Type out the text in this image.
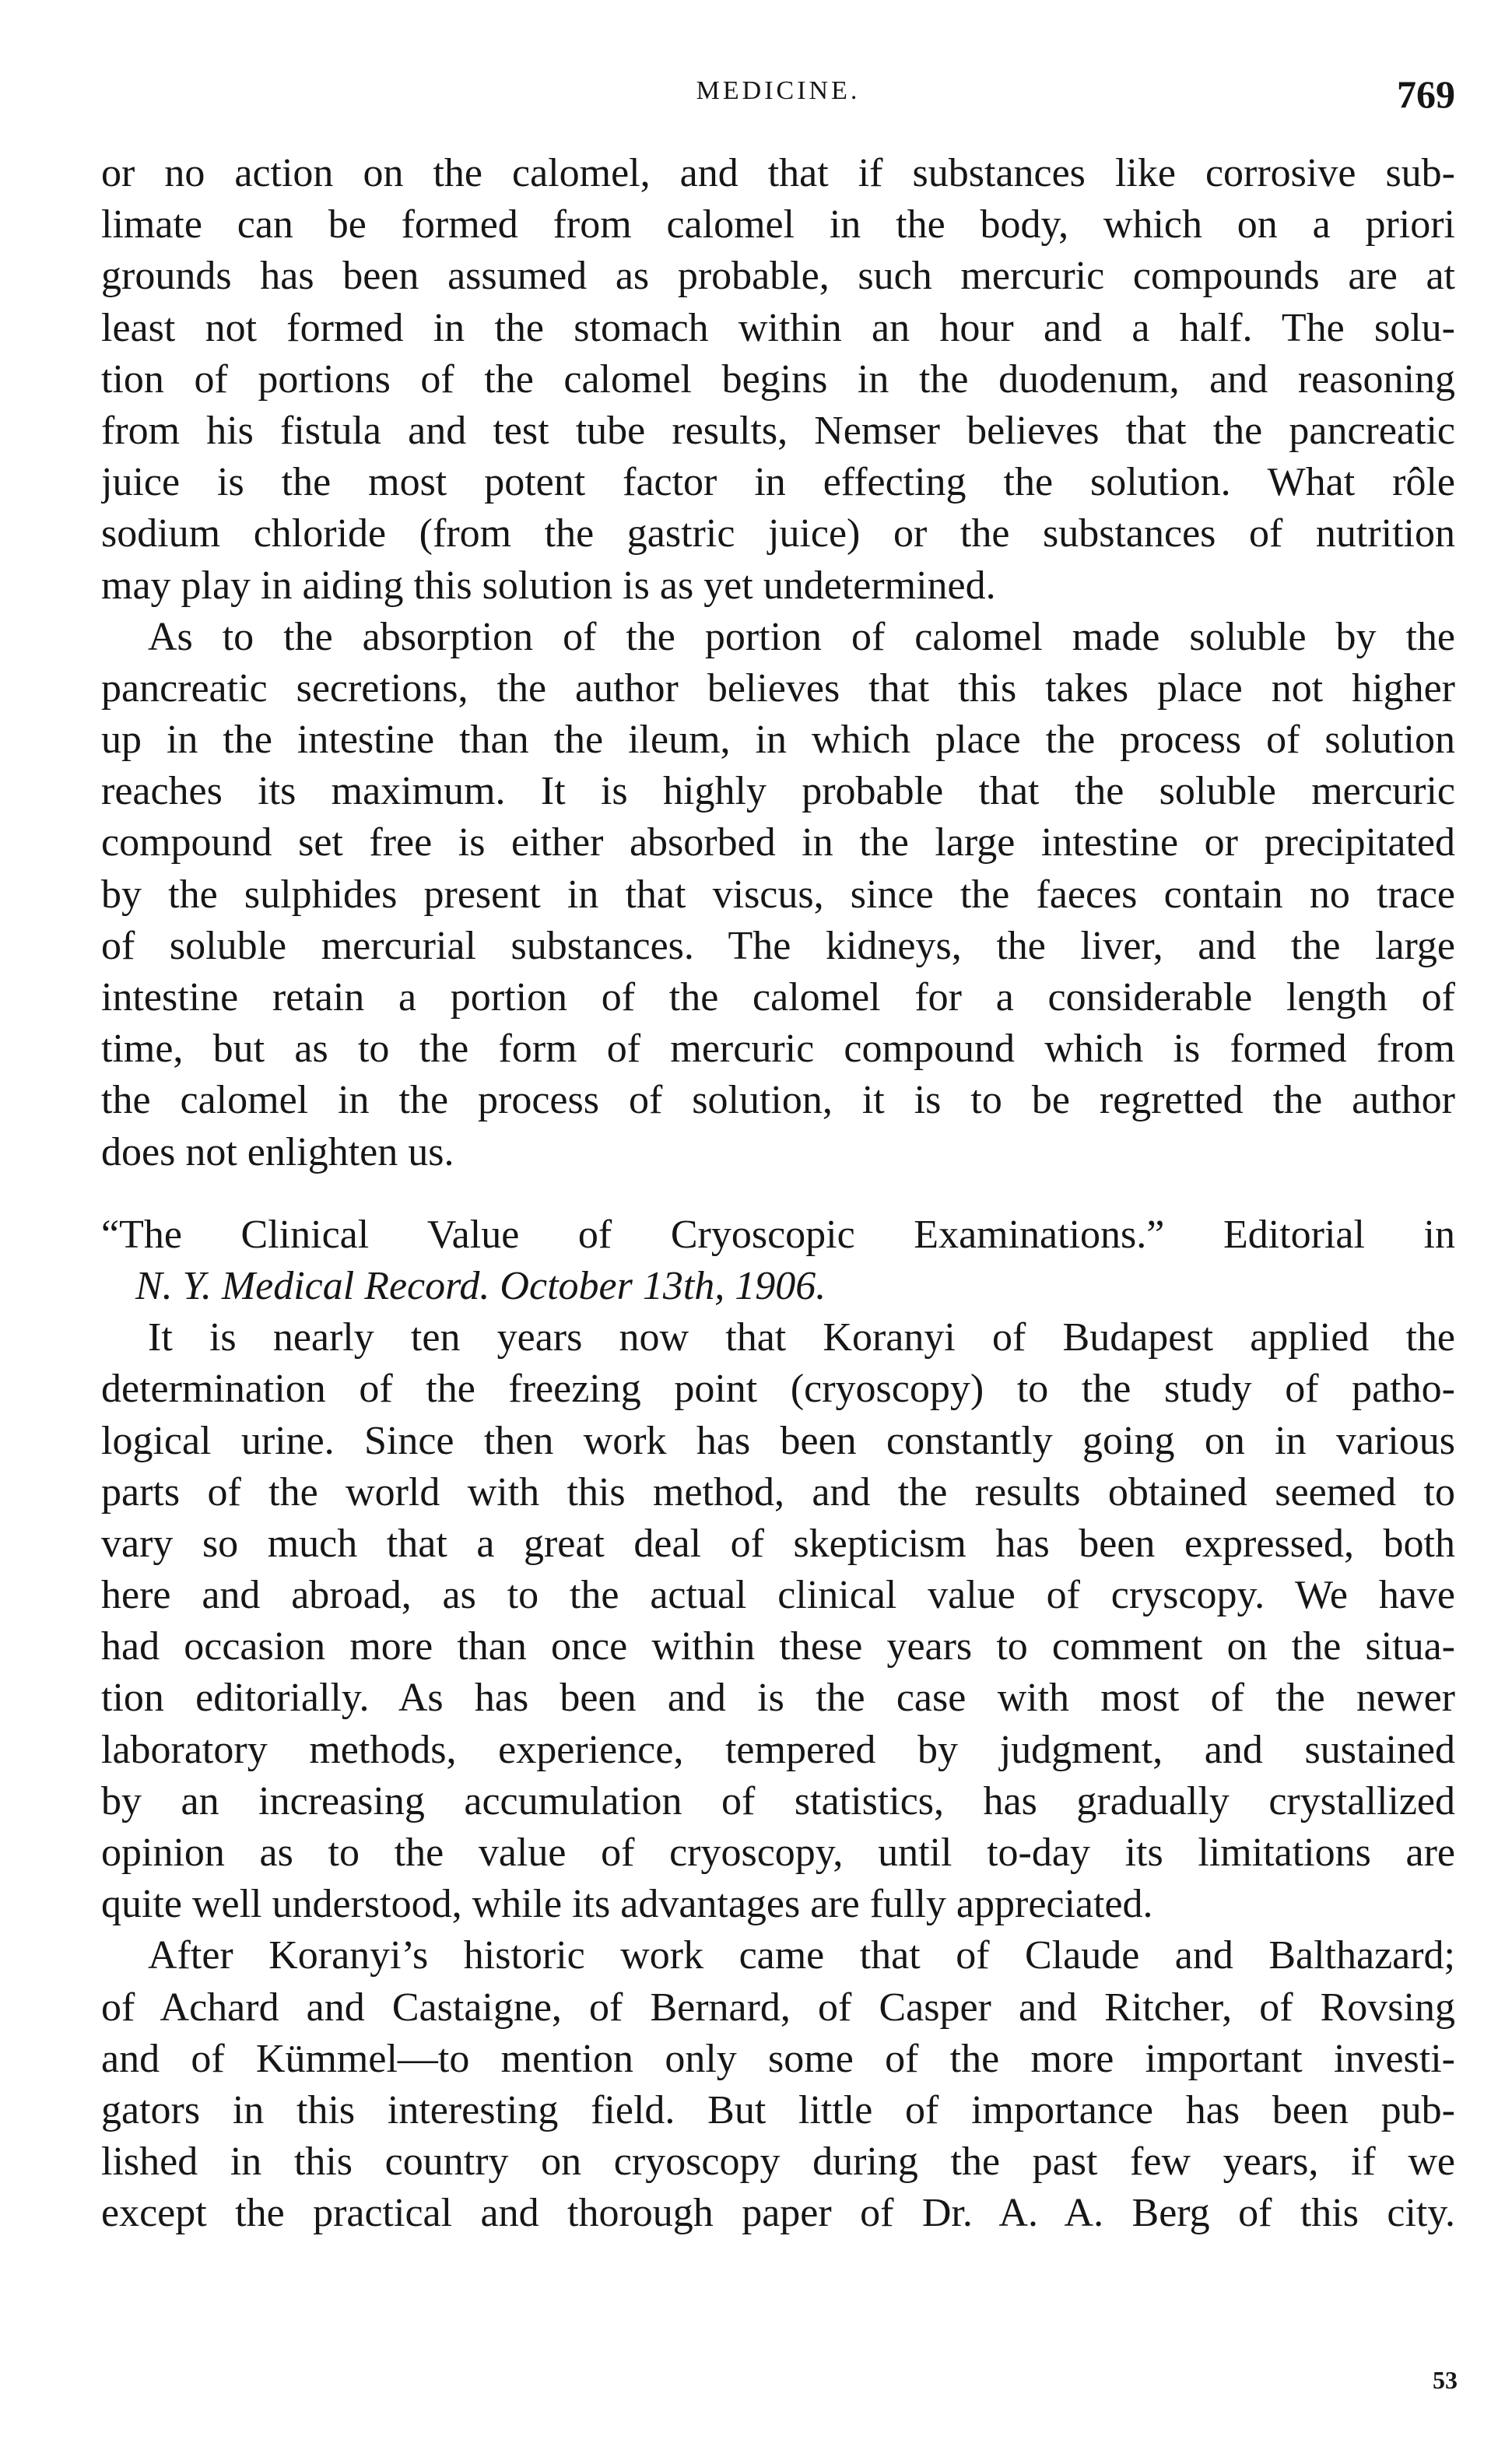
MEDICINE.	769
or no action on the calomel, and that if substances like corrosive sub-
limate can be formed from calomel in the body, which on a priori
grounds has been assumed as probable, such mercuric compounds are at
least not formed in the stomach within an hour and a half. The solu-
tion of portions of the calomel begins in the duodenum, and reasoning
from his fistula and test tube results, Nemser believes that the pancreatic
juice is the most potent factor in effecting the solution. What rôle
sodium chloride (from the gastric juice) or the substances of nutrition
may play in aiding this solution is as yet undetermined.
As to the absorption of the portion of calomel made soluble by the
pancreatic secretions, the author believes that this takes place not higher
up in the intestine than the ileum, in which place the process of solution
reaches its maximum. It is highly probable that the soluble mercuric
compound set free is either absorbed in the large intestine or precipitated
by the sulphides present in that viscus, since the faeces contain no trace
of soluble mercurial substances. The kidneys, the liver, and the large
intestine retain a portion of the calomel for a considerable length of
time, but as to the form of mercuric compound which is formed from
the calomel in the process of solution, it is to be regretted the author
does not enlighten us.
“The Clinical Value of Cryoscopic Examinations.” Editorial in
N. Y. Medical Record. October 13th, 1906.
It is nearly ten years now that Koranyi of Budapest applied the
determination of the freezing point (cryoscopy) to the study of patho-
logical urine. Since then work has been constantly going on in various
parts of the world with this method, and the results obtained seemed to
vary so much that a great deal of skepticism has been expressed, both
here and abroad, as to the actual clinical value of cryscopy. We have
had occasion more than once within these years to comment on the situa-
tion editorially. As has been and is the case with most of the newer
laboratory methods, experience, tempered by judgment, and sustained
by an increasing accumulation of statistics, has gradually crystallized
opinion as to the value of cryoscopy, until to-day its limitations are
quite well understood, while its advantages are fully appreciated.
After Koranyi’s historic work came that of Claude and Balthazard;
of Achard and Castaigne, of Bernard, of Casper and Ritcher, of Rovsing
and of Kümmel—to mention only some of the more important investi-
gators in this interesting field. But little of importance has been pub-
lished in this country on cryoscopy during the past few years, if we
except the practical and thorough paper of Dr. A. A. Berg of this city.
53
